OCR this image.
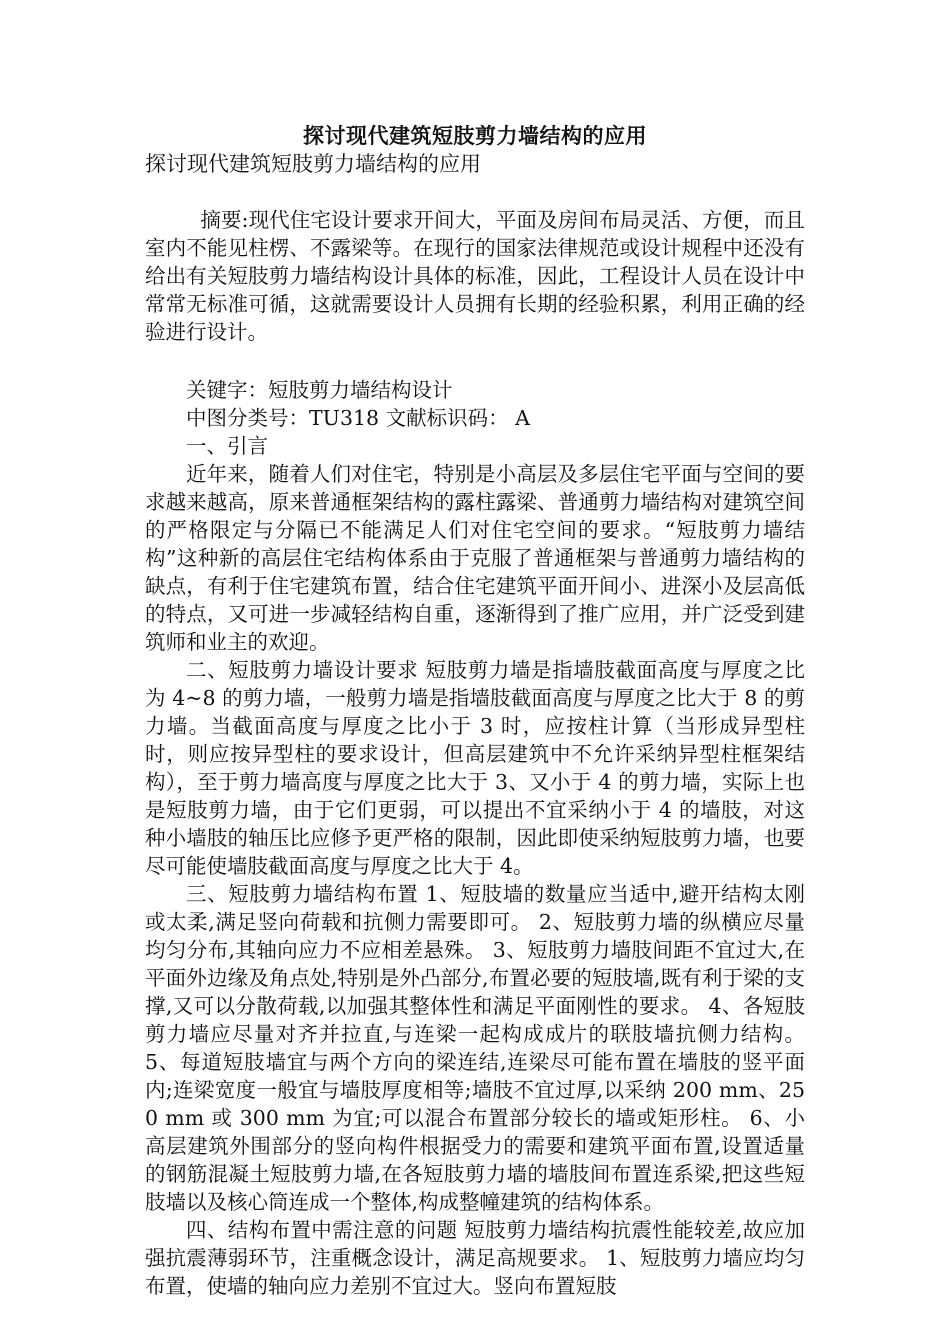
探讨现代建筑短肢剪力墙结构的应用

探讨现代建筑短肢剪力墙结构的应用

摘要:现代住宅设计要求开间大，平面及房间布局灵活、方便，而且室内不能见柱楞、不露梁等。在现行的国家法律规范或设计规程中还没有给出有关短肢剪力墙结构设计具体的标准，因此，工程设计人员在设计中常常无标准可循，这就需要设计人员拥有长期的经验积累，利用正确的经验进行设计。

关键字：短肢剪力墙结构设计

中图分类号：TU318 文献标识码： A

一、引言

近年来，随着人们对住宅，特别是小高层及多层住宅平面与空间的要求越来越高，原来普通框架结构的露柱露梁、普通剪力墙结构对建筑空间的严格限定与分隔已不能满足人们对住宅空间的要求。“短肢剪力墙结构”这种新的高层住宅结构体系由于克服了普通框架与普通剪力墙结构的缺点，有利于住宅建筑布置，结合住宅建筑平面开间小、进深小及层高低的特点，又可进一步减轻结构自重，逐渐得到了推广应用，并广泛受到建筑师和业主的欢迎。

二、短肢剪力墙设计要求 短肢剪力墙是指墙肢截面高度与厚度之比为 4~8 的剪力墙，一般剪力墙是指墙肢截面高度与厚度之比大于 8 的剪力墙。当截面高度与厚度之比小于 3 时，应按柱计算（当形成异型柱时，则应按异型柱的要求设计，但高层建筑中不允许采纳异型柱框架结构），至于剪力墙高度与厚度之比大于 3、又小于 4 的剪力墙，实际上也是短肢剪力墙，由于它们更弱，可以提出不宜采纳小于 4 的墙肢，对这种小墙肢的轴压比应修予更严格的限制，因此即使采纳短肢剪力墙，也要尽可能使墙肢截面高度与厚度之比大于 4。

三、短肢剪力墙结构布置 1、短肢墙的数量应当适中,避开结构太刚或太柔,满足竖向荷载和抗侧力需要即可。 2、短肢剪力墙的纵横应尽量均匀分布,其轴向应力不应相差悬殊。 3、短肢剪力墙肢间距不宜过大,在平面外边缘及角点处,特别是外凸部分,布置必要的短肢墙,既有利于梁的支撑,又可以分散荷载,以加强其整体性和满足平面刚性的要求。 4、各短肢剪力墙应尽量对齐并拉直,与连梁一起构成成片的联肢墙抗侧力结构。 5、每道短肢墙宜与两个方向的梁连结,连梁尽可能布置在墙肢的竖平面内;连梁宽度一般宜与墙肢厚度相等;墙肢不宜过厚,以采纳 200 mm、250 mm 或 300 mm 为宜;可以混合布置部分较长的墙或矩形柱。 6、小高层建筑外围部分的竖向构件根据受力的需要和建筑平面布置,设置适量的钢筋混凝土短肢剪力墙,在各短肢剪力墙的墙肢间布置连系梁,把这些短肢墙以及核心筒连成一个整体,构成整幢建筑的结构体系。

四、结构布置中需注意的问题 短肢剪力墙结构抗震性能较差,故应加强抗震薄弱环节，注重概念设计，满足高规要求。 1、短肢剪力墙应均匀布置，使墙的轴向应力差别不宜过大。竖向布置短肢
